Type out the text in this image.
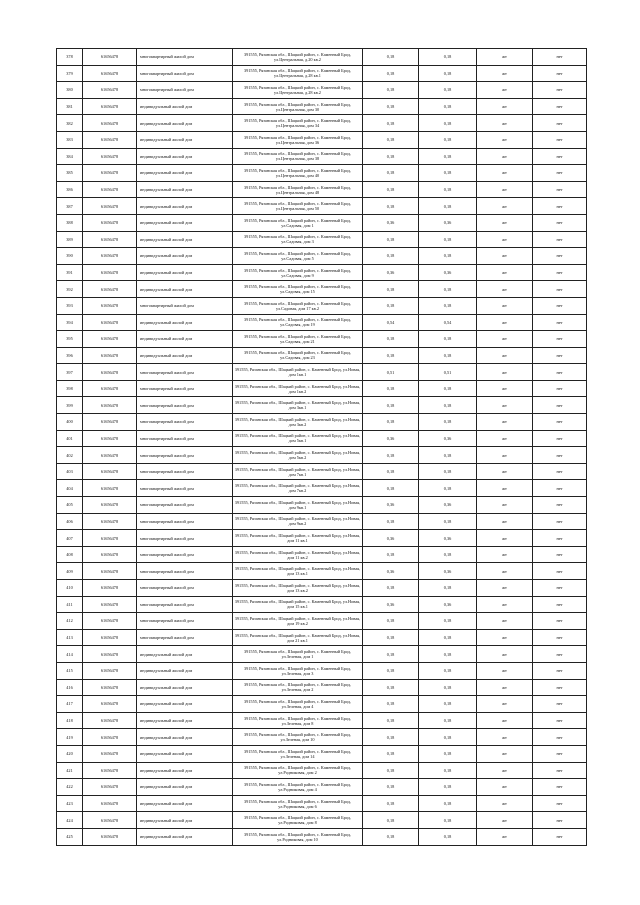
378	61656478	многоквартирный жилой дом	391555, Рязанская обл., Шацкий район, с. Каменный Брод, ул.Центральная, д.20 кв.2	0,18	0,18	жт	нет
379	61656478	многоквартирный жилой дом	391555, Рязанская обл., Шацкий район, с. Каменный Брод, ул.Центральная, д.28 кв.1	0,18	0,18	жт	нет
380	61656478	многоквартирный жилой дом	391555, Рязанская обл., Шацкий район, с. Каменный Брод, ул.Центральная, д.28 кв.2	0,18	0,18	жт	нет
381	61656478	индивидуальный жилой дом	391555, Рязанская обл., Шацкий район, с. Каменный Брод, ул.Центральная, дом 30	0,18	0,18	жт	нет
382	61656478	индивидуальный жилой дом	391555, Рязанская обл., Шацкий район, с. Каменный Брод, ул.Центральная, дом 34	0,18	0,18	жт	нет
383	61656478	индивидуальный жилой дом	391555, Рязанская обл., Шацкий район, с. Каменный Брод, ул.Центральная, дом 36	0,18	0,18	жт	нет
384	61656478	индивидуальный жилой дом	391555, Рязанская обл., Шацкий район, с. Каменный Брод, ул.Центральная, дом 38	0,18	0,18	жт	нет
385	61656478	индивидуальный жилой дом	391555, Рязанская обл., Шацкий район, с. Каменный Брод, ул.Центральная, дом 40	0,18	0,18	жт	нет
386	61656478	индивидуальный жилой дом	391555, Рязанская обл., Шацкий район, с. Каменный Брод, ул.Центральная, дом 48	0,18	0,18	жт	нет
387	61656478	индивидуальный жилой дом	391555, Рязанская обл., Шацкий район, с. Каменный Брод, ул.Центральная, дом 50	0,18	0,18	жт	нет
388	61656478	индивидуальный жилой дом	391555, Рязанская обл., Шацкий район, с. Каменный Брод, ул.Садовая, дом 1	0,36	0,36	жт	нет
389	61656478	индивидуальный жилой дом	391555, Рязанская обл., Шацкий район, с. Каменный Брод, ул.Садовая, дом 3	0,18	0,18	жт	нет
390	61656478	индивидуальный жилой дом	391555, Рязанская обл., Шацкий район, с. Каменный Брод, ул.Садовая, дом 5	0,18	0,18	жт	нет
391	61656478	индивидуальный жилой дом	391555, Рязанская обл., Шацкий район, с. Каменный Брод, ул.Садовая, дом 9	0,36	0,36	жт	нет
392	61656478	индивидуальный жилой дом	391555, Рязанская обл., Шацкий район, с. Каменный Брод, ул.Садовая, дом 15	0,18	0,18	жт	нет
393	61656478	многоквартирный жилой дом	391555, Рязанская обл., Шацкий район, с. Каменный Брод, ул.Садовая, дом 17 кв.2	0,18	0,18	жт	нет
394	61656478	индивидуальный жилой дом	391555, Рязанская обл., Шацкий район, с. Каменный Брод, ул.Садовая, дом 19	0,54	0,54	жт	нет
395	61656478	индивидуальный жилой дом	391555, Рязанская обл., Шацкий район, с. Каменный Брод, ул.Садовая, дом 21	0,18	0,18	жт	нет
396	61656478	индивидуальный жилой дом	391555, Рязанская обл., Шацкий район, с. Каменный Брод, ул.Садовая, дом 23	0,18	0,18	жт	нет
397	61656478	многоквартирный жилой дом	391555, Рязанская обл., Шацкий район, с. Каменный Брод, ул.Новая, дом 1кв.1	0,51	0,51	жт	нет
398	61656478	многоквартирный жилой дом	391555, Рязанская обл., Шацкий район, с. Каменный Брод, ул.Новая, дом 1кв.2	0,18	0,18	жт	нет
399	61656478	многоквартирный жилой дом	391555, Рязанская обл., Шацкий район, с. Каменный Брод, ул.Новая, дом 3кв.1	0,18	0,18	жт	нет
400	61656478	многоквартирный жилой дом	391555, Рязанская обл., Шацкий район, с. Каменный Брод, ул.Новая, дом 3кв.2	0,18	0,18	жт	нет
401	61656478	многоквартирный жилой дом	391555, Рязанская обл., Шацкий район, с. Каменный Брод, ул.Новая, дом 5кв.1	0,36	0,36	жт	нет
402	61656478	многоквартирный жилой дом	391555, Рязанская обл., Шацкий район, с. Каменный Брод, ул.Новая, дом 5кв.2	0,18	0,18	жт	нет
403	61656478	многоквартирный жилой дом	391555, Рязанская обл., Шацкий район, с. Каменный Брод, ул.Новая, дом 7кв.1	0,18	0,18	жт	нет
404	61656478	многоквартирный жилой дом	391555, Рязанская обл., Шацкий район, с. Каменный Брод, ул.Новая, дом 7кв.2	0,18	0,18	жт	нет
405	61656478	многоквартирный жилой дом	391555, Рязанская обл., Шацкий район, с. Каменный Брод, ул.Новая, дом 9кв.1	0,36	0,36	жт	нет
406	61656478	многоквартирный жилой дом	391555, Рязанская обл., Шацкий район, с. Каменный Брод, ул.Новая, дом 9кв.2	0,18	0,18	жт	нет
407	61656478	многоквартирный жилой дом	391555, Рязанская обл., Шацкий район, с. Каменный Брод, ул.Новая, дом 11 кв.1	0,36	0,36	жт	нет
408	61656478	многоквартирный жилой дом	391555, Рязанская обл., Шацкий район, с. Каменный Брод, ул.Новая, дом 11 кв.2	0,18	0,18	жт	нет
409	61656478	многоквартирный жилой дом	391555, Рязанская обл., Шацкий район, с. Каменный Брод, ул.Новая, дом 13 кв.1	0,36	0,36	жт	нет
410	61656478	многоквартирный жилой дом	391555, Рязанская обл., Шацкий район, с. Каменный Брод, ул.Новая, дом 13 кв.2	0,18	0,18	жт	нет
411	61656478	многоквартирный жилой дом	391555, Рязанская обл., Шацкий район, с. Каменный Брод, ул.Новая, дом 15 кв.1	0,36	0,36	жт	нет
412	61656478	многоквартирный жилой дом	391555, Рязанская обл., Шацкий район, с. Каменный Брод, ул.Новая, дом 19 кв.2	0,18	0,18	жт	нет
413	61656478	многоквартирный жилой дом	391555, Рязанская обл., Шацкий район, с. Каменный Брод, ул.Новая, дом 21 кв.1	0,18	0,18	жт	нет
414	61656478	индивидуальный жилой дом	391555, Рязанская обл., Шацкий район, с. Каменный Брод, ул.Зеленая, дом 1	0,18	0,18	жт	нет
415	61656478	индивидуальный жилой дом	391555, Рязанская обл., Шацкий район, с. Каменный Брод, ул.Зеленая, дом 3	0,18	0,18	жт	нет
416	61656478	индивидуальный жилой дом	391555, Рязанская обл., Шацкий район, с. Каменный Брод, ул.Зеленая, дом 2	0,18	0,18	жт	нет
417	61656478	индивидуальный жилой дом	391555, Рязанская обл., Шацкий район, с. Каменный Брод, ул.Зеленая, дом 4	0,18	0,18	жт	нет
418	61656478	индивидуальный жилой дом	391555, Рязанская обл., Шацкий район, с. Каменный Брод, ул.Зеленая, дом 8	0,18	0,18	жт	нет
419	61656478	индивидуальный жилой дом	391555, Рязанская обл., Шацкий район, с. Каменный Брод, ул.Зеленая, дом 10	0,18	0,18	жт	нет
420	61656478	индивидуальный жилой дом	391555, Рязанская обл., Шацкий район, с. Каменный Брод, ул.Зеленая, дом 14	0,18	0,18	жт	нет
421	61656478	индивидуальный жилой дом	391555, Рязанская обл., Шацкий район, с. Каменный Брод, ул.Родниковая, дом 2	0,18	0,18	жт	нет
422	61656478	индивидуальный жилой дом	391555, Рязанская обл., Шацкий район, с. Каменный Брод, ул.Родниковая, дом 4	0,18	0,18	жт	нет
423	61656478	индивидуальный жилой дом	391555, Рязанская обл., Шацкий район, с. Каменный Брод, ул.Родниковая, дом 6	0,18	0,18	жт	нет
424	61656478	индивидуальный жилой дом	391555, Рязанская обл., Шацкий район, с. Каменный Брод, ул.Родниковая, дом 8	0,18	0,18	жт	нет
425	61656478	индивидуальный жилой дом	391555, Рязанская обл., Шацкий район, с. Каменный Брод, ул.Родниковая, дом 10	0,18	0,18	жт	нет
